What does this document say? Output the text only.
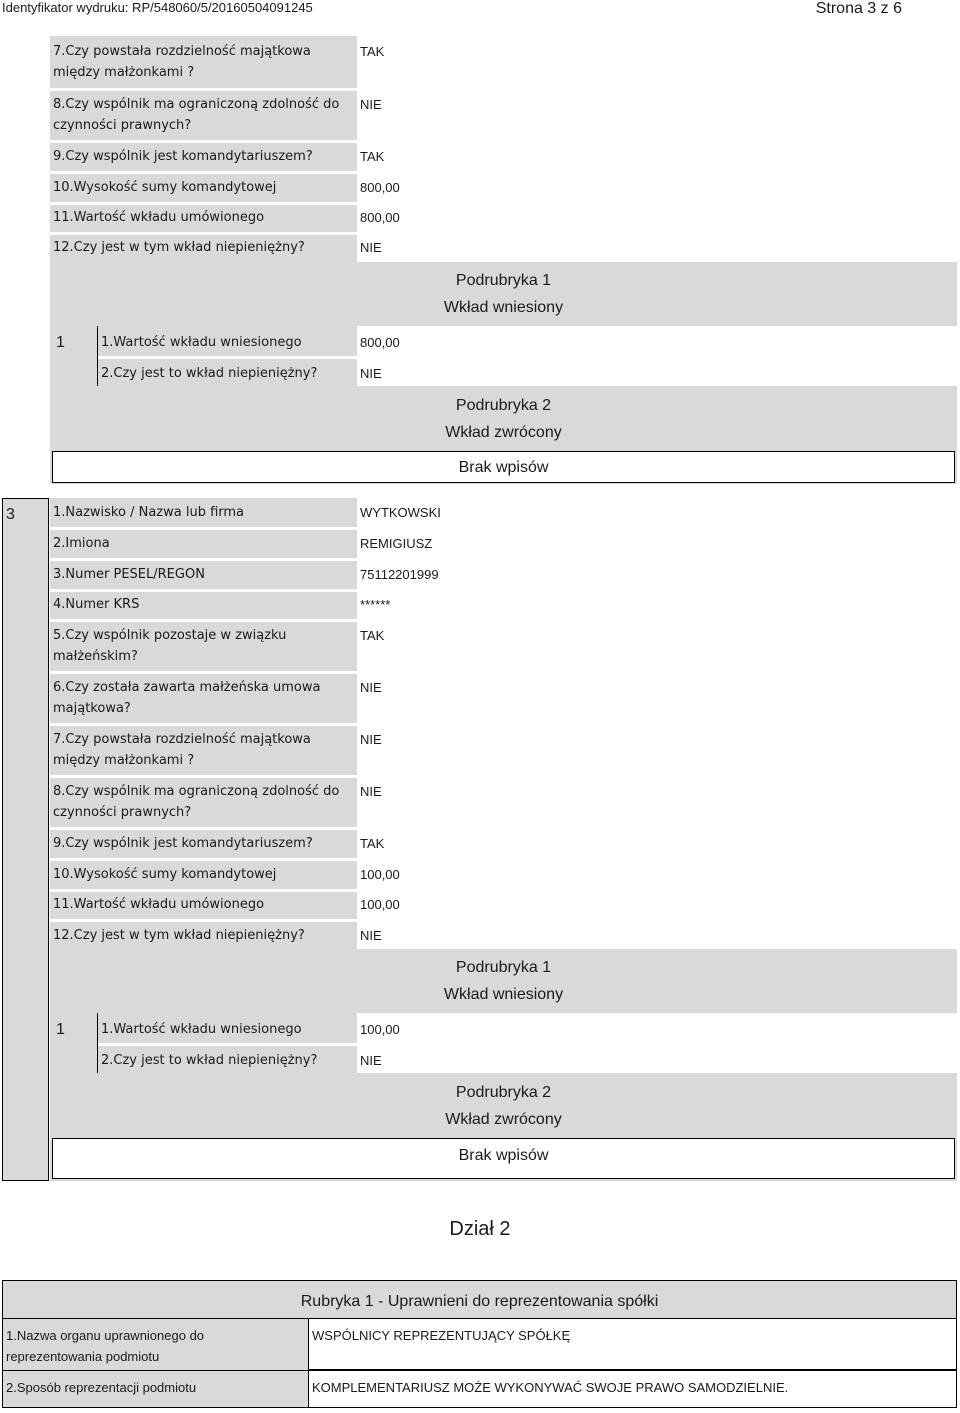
Identyfikator wydruku: RP/548060/5/20160504091245	Strona 3 z 6
7.Czy powstała rozdzielność majątkowa między małżonkami ?
TAK
8.Czy wspólnik ma ograniczoną zdolność do czynności prawnych?
NIE
9.Czy wspólnik jest komandytariuszem?	TAK
10.Wysokość sumy komandytowej	800,00
11.Wartość wkładu umówionego	800,00
12.Czy jest w tym wkład niepieniężny?	NIE
Podrubryka 1
Wkład wniesiony
1	1.Wartość wkładu wniesionego	800,00
2.Czy jest to wkład niepieniężny?	NIE
Podrubryka 2
Wkład zwrócony
Brak wpisów
3	1.Nazwisko / Nazwa lub firma	WYTKOWSKI
2.Imiona	REMIGIUSZ
3.Numer PESEL/REGON	75112201999
4.Numer KRS	******
5.Czy wspólnik pozostaje w związku małżeńskim?
TAK
6.Czy została zawarta małżeńska umowa majątkowa?
NIE
7.Czy powstała rozdzielność majątkowa między małżonkami ?
NIE
8.Czy wspólnik ma ograniczoną zdolność do czynności prawnych?
NIE
9.Czy wspólnik jest komandytariuszem?	TAK
10.Wysokość sumy komandytowej	100,00
11.Wartość wkładu umówionego	100,00
12.Czy jest w tym wkład niepieniężny?	NIE
Podrubryka 1
Wkład wniesiony
1	1.Wartość wkładu wniesionego	100,00
2.Czy jest to wkład niepieniężny?	NIE
Podrubryka 2
Wkład zwrócony
Brak wpisów
Dział 2
Rubryka 1 - Uprawnieni do reprezentowania spółki
1.Nazwa organu uprawnionego do reprezentowania podmiotu
WSPÓLNICY REPREZENTUJĄCY SPÓŁKĘ
2.Sposób reprezentacji podmiotu	KOMPLEMENTARIUSZ MOŻE WYKONYWAĆ SWOJE PRAWO SAMODZIELNIE.
